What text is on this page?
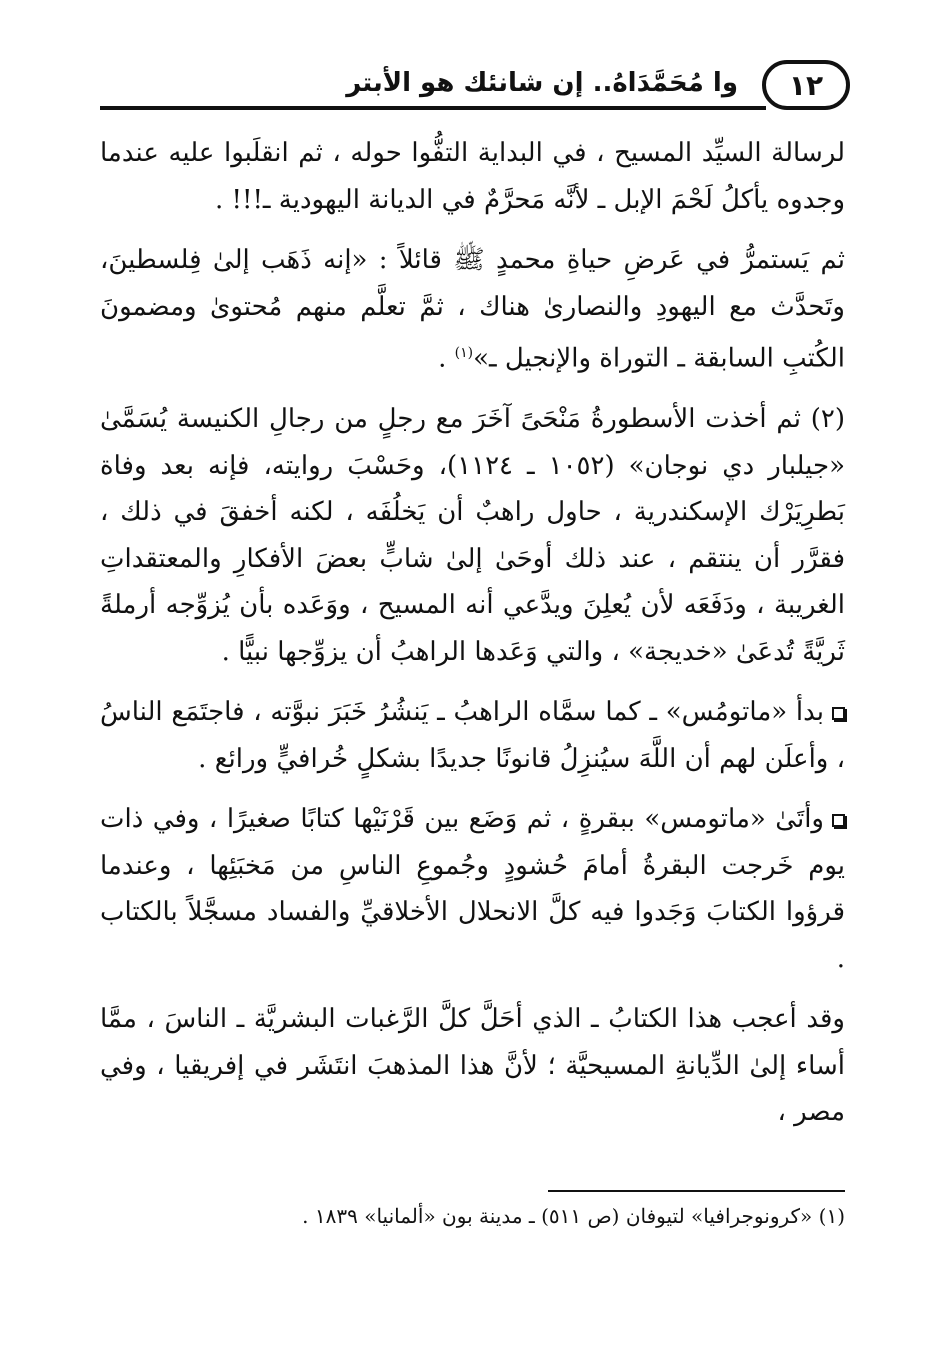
١٢
وا مُحَمَّدَاهُ.. إن شانئك هو الأبتر

لرسالة السيِّد المسيح ، في البداية التفُّوا حوله ، ثم انقلَبوا عليه عندما وجدوه يأكلُ لَحْمَ الإبل ـ لأنَّه مَحرَّمٌ في الديانة اليهودية ـ!!! .

ثم يَستمرُّ في عَرضِ حياةِ محمدٍ ﷺ قائلاً : «إنه ذَهَب إلىٰ فِلسطينَ، وتَحدَّث مع اليهودِ والنصارىٰ هناك ، ثمَّ تعلَّم منهم مُحتوىٰ ومضمونَ الكُتبِ السابقة ـ التوراة والإنجيل ـ»$^{(١)}$ .

(٢) ثم أخذت الأسطورةُ مَنْحَىً آخَرَ مع رجلٍ من رجالِ الكنيسة يُسَمَّىٰ «جيلبار دي نوجان» (١٠٥٢ ـ ١١٢٤)، وحَسْبَ روايته، فإنه بعد وفاة بَطرِيَرْك الإسكندرية ، حاول راهبٌ أن يَخلُفَه ، لكنه أخفقَ في ذلك ، فقرَّر أن ينتقم ، عند ذلك أوحَىٰ إلىٰ شابٍّ بعضَ الأفكارِ والمعتقداتِ الغريبة ، ودَفَعَه لأن يُعلِنَ ويدَّعي أنه المسيح ، ووَعَده بأن يُزوِّجه أرملةً ثَريَّةً تُدعَىٰ «خديجة» ، والتي وَعَدها الراهبُ أن يزوِّجها نبيًّا .

بدأ «ماتومُس» ـ كما سمَّاه الراهبُ ـ يَنشُرُ خَبَرَ نبوَّته ، فاجتَمَع الناسُ ، وأعلَن لهم أن اللَّهَ سيُنزِلُ قانونًا جديدًا بشكلٍ خُرافيٍّ ورائع .

وأتَىٰ «ماتومس» ببقرةٍ ، ثم وَضَع بين قَرْنَيْها كتابًا صغيرًا ، وفي ذات يوم خَرجت البقرةُ أمامَ حُشودٍ وجُموعِ الناسِ من مَخبَئِها ، وعندما قرؤوا الكتابَ وَجَدوا فيه كلَّ الانحلال الأخلاقيِّ والفساد مسجَّلاً بالكتاب .

وقد أعجب هذا الكتابُ ـ الذي أحَلَّ كلَّ الرَّغبات البشريَّة ـ الناسَ ، ممَّا أساء إلىٰ الدِّيانةِ المسيحيَّة ؛ لأنَّ هذا المذهبَ انتَشَر في إفريقيا ، وفي مصر ،

(١) «كرونوجرافيا» لتيوفان (ص ٥١١) ـ مدينة بون «ألمانيا» ١٨٣٩ .
